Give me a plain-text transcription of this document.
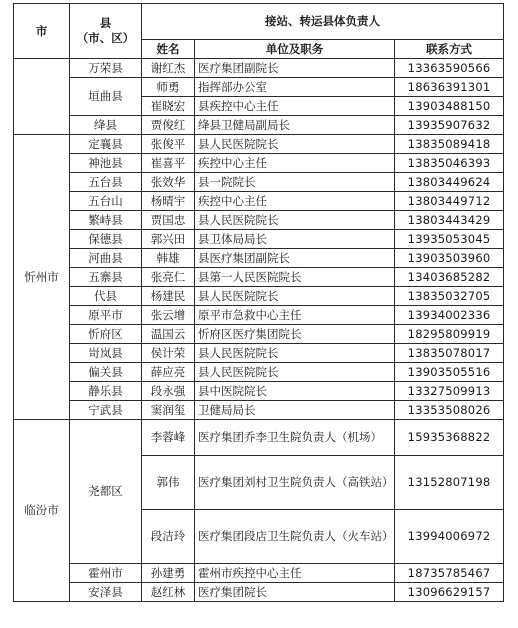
市	县
（市、区）	接站、转运县体负责人		
		姓名	单位及职务	联系方式
	万荣县	谢红杰	医疗集团副院长	13363590566
	垣曲县	师勇	指挥部办公室	18636391301
		崔晓宏	县疾控中心主任	13903488150
	绛县	贾俊红	绛县卫健局副局长	13935907632
忻州市	定襄县	张俊平	县人民医院院长	13835089418
	神池县	崔喜平	疾控中心主任	13835046393
	五台县	张效华	县一院院长	13803449624
	五台山	杨晴宇	疾控中心主任	13803449712
	繁峙县	贾国忠	县人民医院院长	13803443429
	保德县	郭兴田	县卫体局局长	13935053045
	河曲县	韩雄	县医疗集团副院长	13903503960
	五寨县	张亮仁	县第一人民医院院长	13403685282
	代县	杨建民	县人民医院院长	13835032705
	原平市	张云增	原平市急救中心主任	13934002336
	忻府区	温国云	忻府区医疗集团院长	18295809919
	岢岚县	侯计荣	县人民医院院长	13835078017
	偏关县	薛应亮	县人民医院院长	13903505516
	静乐县	段永强	县中医院院长	13327509913
	宁武县	窦润玺	卫健局局长	13353508026
临汾市	尧都区	李蓉峰	医疗集团乔李卫生院负责人（机场）	15935368822
		郭伟	医疗集团刘村卫生院负责人（高铁站）	13152807198
		段洁玲	医疗集团段店卫生院负责人（火车站）	13994006972
	霍州市	孙建勇	霍州市疾控中心主任	18735785467
	安泽县	赵红林	医疗集团院长	13096629157
